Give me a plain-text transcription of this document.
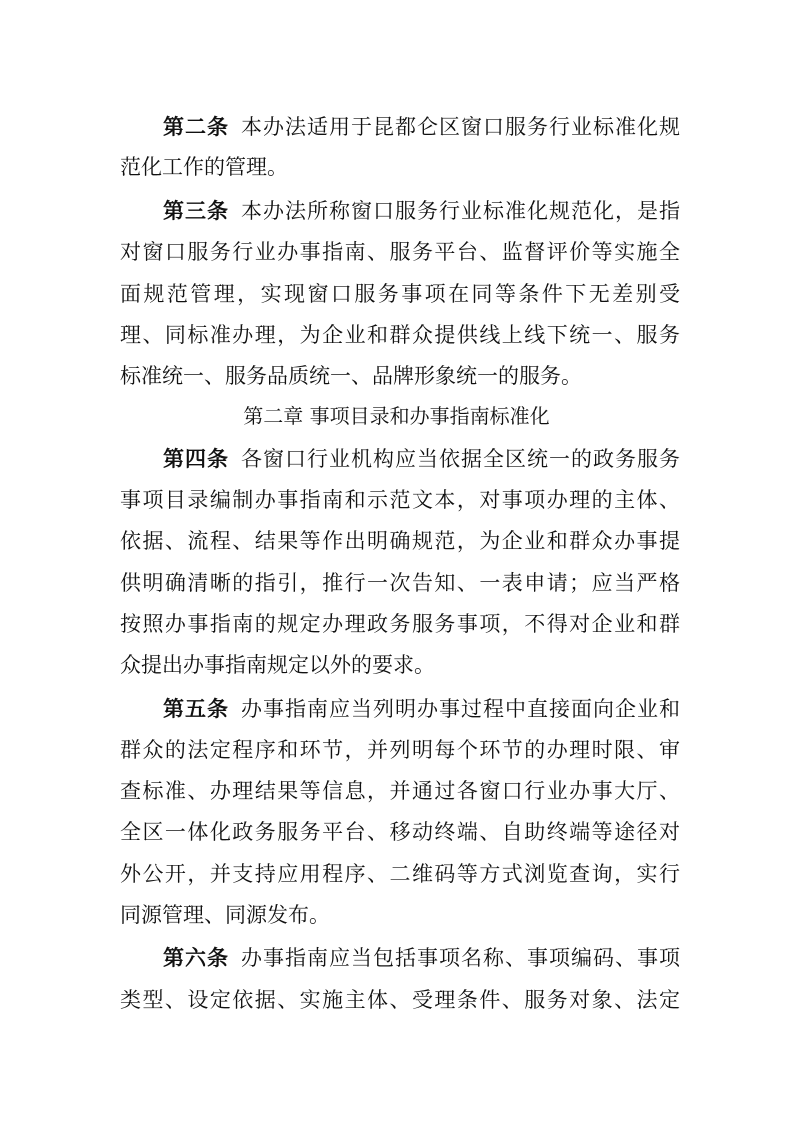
第二条 本办法适用于昆都仑区窗口服务行业标准化规
范化工作的管理。
第三条 本办法所称窗口服务行业标准化规范化，是指
对窗口服务行业办事指南、服务平台、监督评价等实施全
面规范管理，实现窗口服务事项在同等条件下无差别受
理、同标准办理，为企业和群众提供线上线下统一、服务
标准统一、服务品质统一、品牌形象统一的服务。
第二章 事项目录和办事指南标准化
第四条 各窗口行业机构应当依据全区统一的政务服务
事项目录编制办事指南和示范文本，对事项办理的主体、
依据、流程、结果等作出明确规范，为企业和群众办事提
供明确清晰的指引，推行一次告知、一表申请；应当严格
按照办事指南的规定办理政务服务事项，不得对企业和群
众提出办事指南规定以外的要求。
第五条 办事指南应当列明办事过程中直接面向企业和
群众的法定程序和环节，并列明每个环节的办理时限、审
查标准、办理结果等信息，并通过各窗口行业办事大厅、
全区一体化政务服务平台、移动终端、自助终端等途径对
外公开，并支持应用程序、二维码等方式浏览查询，实行
同源管理、同源发布。
第六条 办事指南应当包括事项名称、事项编码、事项
类型、设定依据、实施主体、受理条件、服务对象、法定
